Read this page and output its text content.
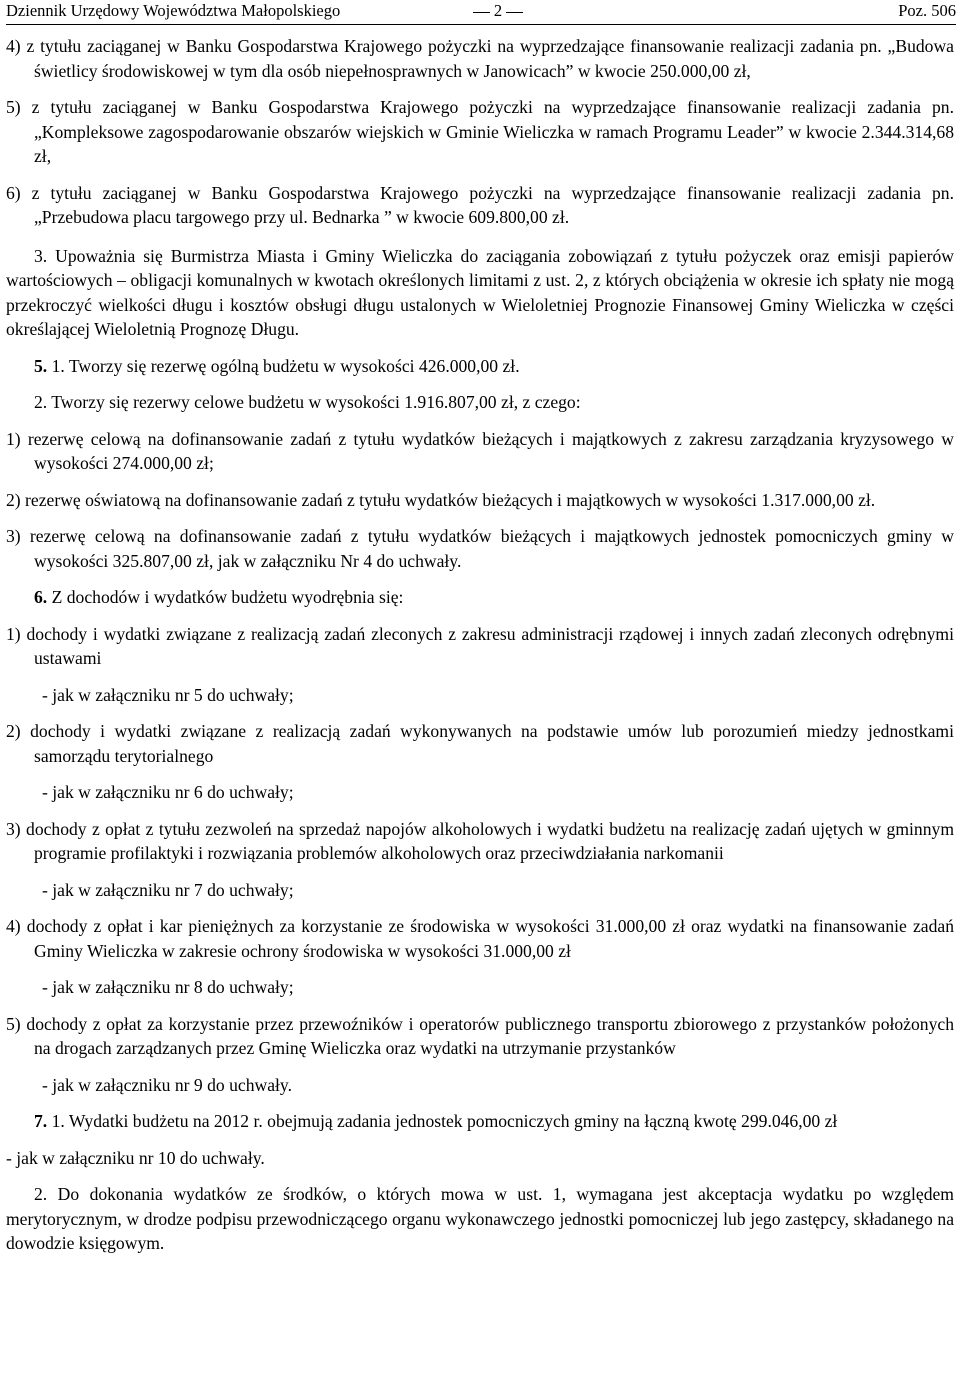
Dziennik Urzędowy Województwa Małopolskiego	2	Poz. 506

4) z tytułu zaciąganej w Banku Gospodarstwa Krajowego pożyczki na wyprzedzające finansowanie realizacji zadania pn. „Budowa świetlicy środowiskowej w tym dla osób niepełnosprawnych w Janowicach” w kwocie 250.000,00 zł,

5) z tytułu zaciąganej w Banku Gospodarstwa Krajowego pożyczki na wyprzedzające finansowanie realizacji zadania pn. „Kompleksowe zagospodarowanie obszarów wiejskich w Gminie Wieliczka w ramach Programu Leader” w kwocie 2.344.314,68 zł,

6) z tytułu zaciąganej w Banku Gospodarstwa Krajowego pożyczki na wyprzedzające finansowanie realizacji zadania pn. „Przebudowa placu targowego przy ul. Bednarka ” w kwocie 609.800,00 zł.

3. Upoważnia się Burmistrza Miasta i Gminy Wieliczka do zaciągania zobowiązań z tytułu pożyczek oraz emisji papierów wartościowych – obligacji komunalnych w kwotach określonych limitami z ust. 2, z których obciążenia w okresie ich spłaty nie mogą przekroczyć wielkości długu i kosztów obsługi długu ustalonych w Wieloletniej Prognozie Finansowej Gminy Wieliczka w części określającej Wieloletnią Prognozę Długu.

5. 1. Tworzy się rezerwę ogólną budżetu w wysokości 426.000,00 zł.

2. Tworzy się rezerwy celowe budżetu w wysokości 1.916.807,00 zł, z czego:

1) rezerwę celową na dofinansowanie zadań z tytułu wydatków bieżących i majątkowych z zakresu zarządzania kryzysowego w wysokości 274.000,00 zł;

2) rezerwę oświatową na dofinansowanie zadań z tytułu wydatków bieżących i majątkowych w wysokości 1.317.000,00 zł.

3) rezerwę celową na dofinansowanie zadań z tytułu wydatków bieżących i majątkowych jednostek pomocniczych gminy w wysokości 325.807,00 zł, jak w załączniku Nr 4 do uchwały.

6. Z dochodów i wydatków budżetu wyodrębnia się:

1) dochody i wydatki związane z realizacją zadań zleconych z zakresu administracji rządowej i innych zadań zleconych odrębnymi ustawami

- jak w załączniku nr 5 do uchwały;

2) dochody i wydatki związane z realizacją zadań wykonywanych na podstawie umów lub porozumień miedzy jednostkami samorządu terytorialnego

- jak w załączniku nr 6 do uchwały;

3) dochody z opłat z tytułu zezwoleń na sprzedaż napojów alkoholowych i wydatki budżetu na realizację zadań ujętych w gminnym programie profilaktyki i rozwiązania problemów alkoholowych oraz przeciwdziałania narkomanii

- jak w załączniku nr 7 do uchwały;

4) dochody z opłat i kar pieniężnych za korzystanie ze środowiska w wysokości 31.000,00 zł oraz wydatki na finansowanie zadań Gminy Wieliczka w zakresie ochrony środowiska w wysokości 31.000,00 zł

- jak w załączniku nr 8 do uchwały;

5) dochody z opłat za korzystanie przez przewoźników i operatorów publicznego transportu zbiorowego z przystanków położonych na drogach zarządzanych przez Gminę Wieliczka oraz wydatki na utrzymanie przystanków

- jak w załączniku nr 9 do uchwały.

7. 1. Wydatki budżetu na 2012 r. obejmują zadania jednostek pomocniczych gminy na łączną kwotę 299.046,00 zł

- jak w załączniku nr 10 do uchwały.

2. Do dokonania wydatków ze środków, o których mowa w ust. 1, wymagana jest akceptacja wydatku po względem merytorycznym, w drodze podpisu przewodniczącego organu wykonawczego jednostki pomocniczej lub jego zastępcy, składanego na dowodzie księgowym.
